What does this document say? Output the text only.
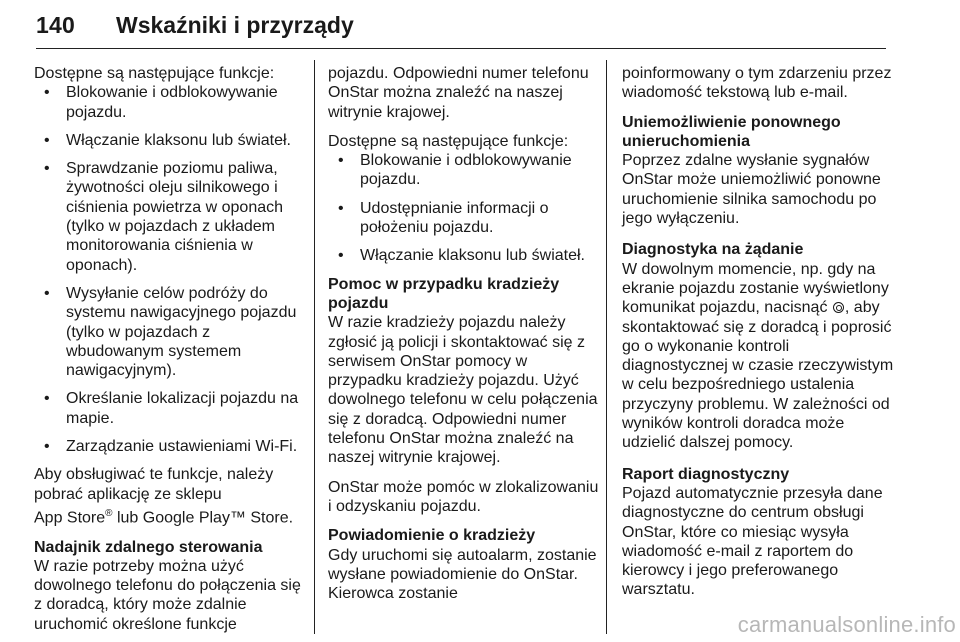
140 Wskaźniki i przyrządy

Dostępne są następujące funkcje:

• Blokowanie i odblokowywanie pojazdu.
• Włączanie klaksonu lub świateł.
• Sprawdzanie poziomu paliwa, żywotności oleju silnikowego i ciśnienia powietrza w oponach (tylko w pojazdach z układem monitorowania ciśnienia w oponach).
• Wysyłanie celów podróży do systemu nawigacyjnego pojazdu (tylko w pojazdach z wbudowanym systemem nawigacyjnym).
• Określanie lokalizacji pojazdu na mapie.
• Zarządzanie ustawieniami Wi-Fi.

Aby obsługiwać te funkcje, należy pobrać aplikację ze sklepu
App Store® lub Google Play™ Store.

Nadajnik zdalnego sterowania

W razie potrzeby można użyć dowolnego telefonu do połączenia się z doradcą, który może zdalnie uruchomić określone funkcje

pojazdu. Odpowiedni numer telefonu OnStar można znaleźć na naszej witrynie krajowej.

Dostępne są następujące funkcje:

• Blokowanie i odblokowywanie pojazdu.
• Udostępnianie informacji o położeniu pojazdu.
• Włączanie klaksonu lub świateł.
Pomoc w przypadku kradzieży pojazdu

W razie kradzieży pojazdu należy zgłosić ją policji i skontaktować się z serwisem OnStar pomocy w przypadku kradzieży pojazdu. Użyć dowolnego telefonu w celu połączenia się z doradcą. Odpowiedni numer telefonu OnStar można znaleźć na naszej witrynie krajowej.

OnStar może pomóc w zlokalizowaniu i odzyskaniu pojazdu.

Powiadomienie o kradzieży

Gdy uruchomi się autoalarm, zostanie wysłane powiadomienie do OnStar. Kierowca zostanie

poinformowany o tym zdarzeniu przez wiadomość tekstową lub e-mail.

Uniemożliwienie ponownego unieruchomienia

Poprzez zdalne wysłanie sygnałów OnStar może uniemożliwić ponowne uruchomienie silnika samochodu po jego wyłączeniu.

Diagnostyka na żądanie

W dowolnym momencie, np. gdy na ekranie pojazdu zostanie wyświetlony komunikat pojazdu, nacisnąć , aby skontaktować się z doradcą i poprosić go o wykonanie kontroli diagnostycznej w czasie rzeczywistym w celu bezpośredniego ustalenia przyczyny problemu. W zależności od wyników kontroli doradca może udzielić dalszej pomocy.

Raport diagnostyczny

Pojazd automatycznie przesyła dane diagnostyczne do centrum obsługi OnStar, które co miesiąc wysyła wiadomość e-mail z raportem do kierowcy i jego preferowanego warsztatu.

carmanualsonline.info
